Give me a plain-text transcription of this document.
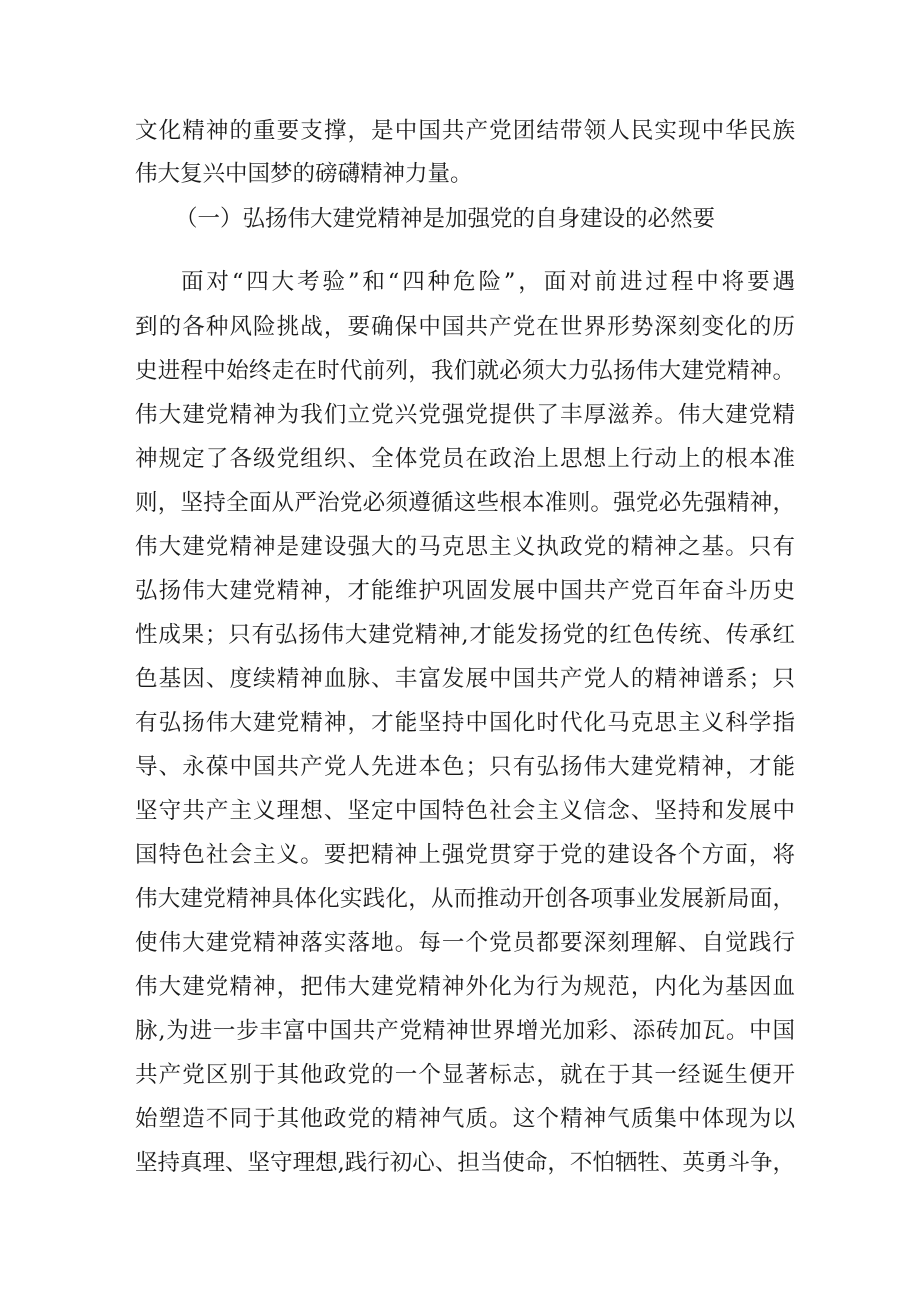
文化精神的重要支撑，是中国共产党团结带领人民实现中华民族
伟大复兴中国梦的磅礴精神力量。
（一）弘扬伟大建党精神是加强党的自身建设的必然要
面对“四大考验”和“四种危险”，面对前进过程中将要遇
到的各种风险挑战，要确保中国共产党在世界形势深刻变化的历
史进程中始终走在时代前列，我们就必须大力弘扬伟大建党精神。
伟大建党精神为我们立党兴党强党提供了丰厚滋养。伟大建党精
神规定了各级党组织、全体党员在政治上思想上行动上的根本准
则，坚持全面从严治党必须遵循这些根本准则。强党必先强精神，
伟大建党精神是建设强大的马克思主义执政党的精神之基。只有
弘扬伟大建党精神，才能维护巩固发展中国共产党百年奋斗历史
性成果；只有弘扬伟大建党精神,才能发扬党的红色传统、传承红
色基因、度续精神血脉、丰富发展中国共产党人的精神谱系；只
有弘扬伟大建党精神，才能坚持中国化时代化马克思主义科学指
导、永葆中国共产党人先进本色；只有弘扬伟大建党精神，才能
坚守共产主义理想、坚定中国特色社会主义信念、坚持和发展中
国特色社会主义。要把精神上强党贯穿于党的建设各个方面，将
伟大建党精神具体化实践化，从而推动开创各项事业发展新局面，
使伟大建党精神落实落地。每一个党员都要深刻理解、自觉践行
伟大建党精神，把伟大建党精神外化为行为规范，内化为基因血
脉,为进一步丰富中国共产党精神世界增光加彩、添砖加瓦。中国
共产党区别于其他政党的一个显著标志，就在于其一经诞生便开
始塑造不同于其他政党的精神气质。这个精神气质集中体现为以
坚持真理、坚守理想,践行初心、担当使命，不怕牺牲、英勇斗争，
